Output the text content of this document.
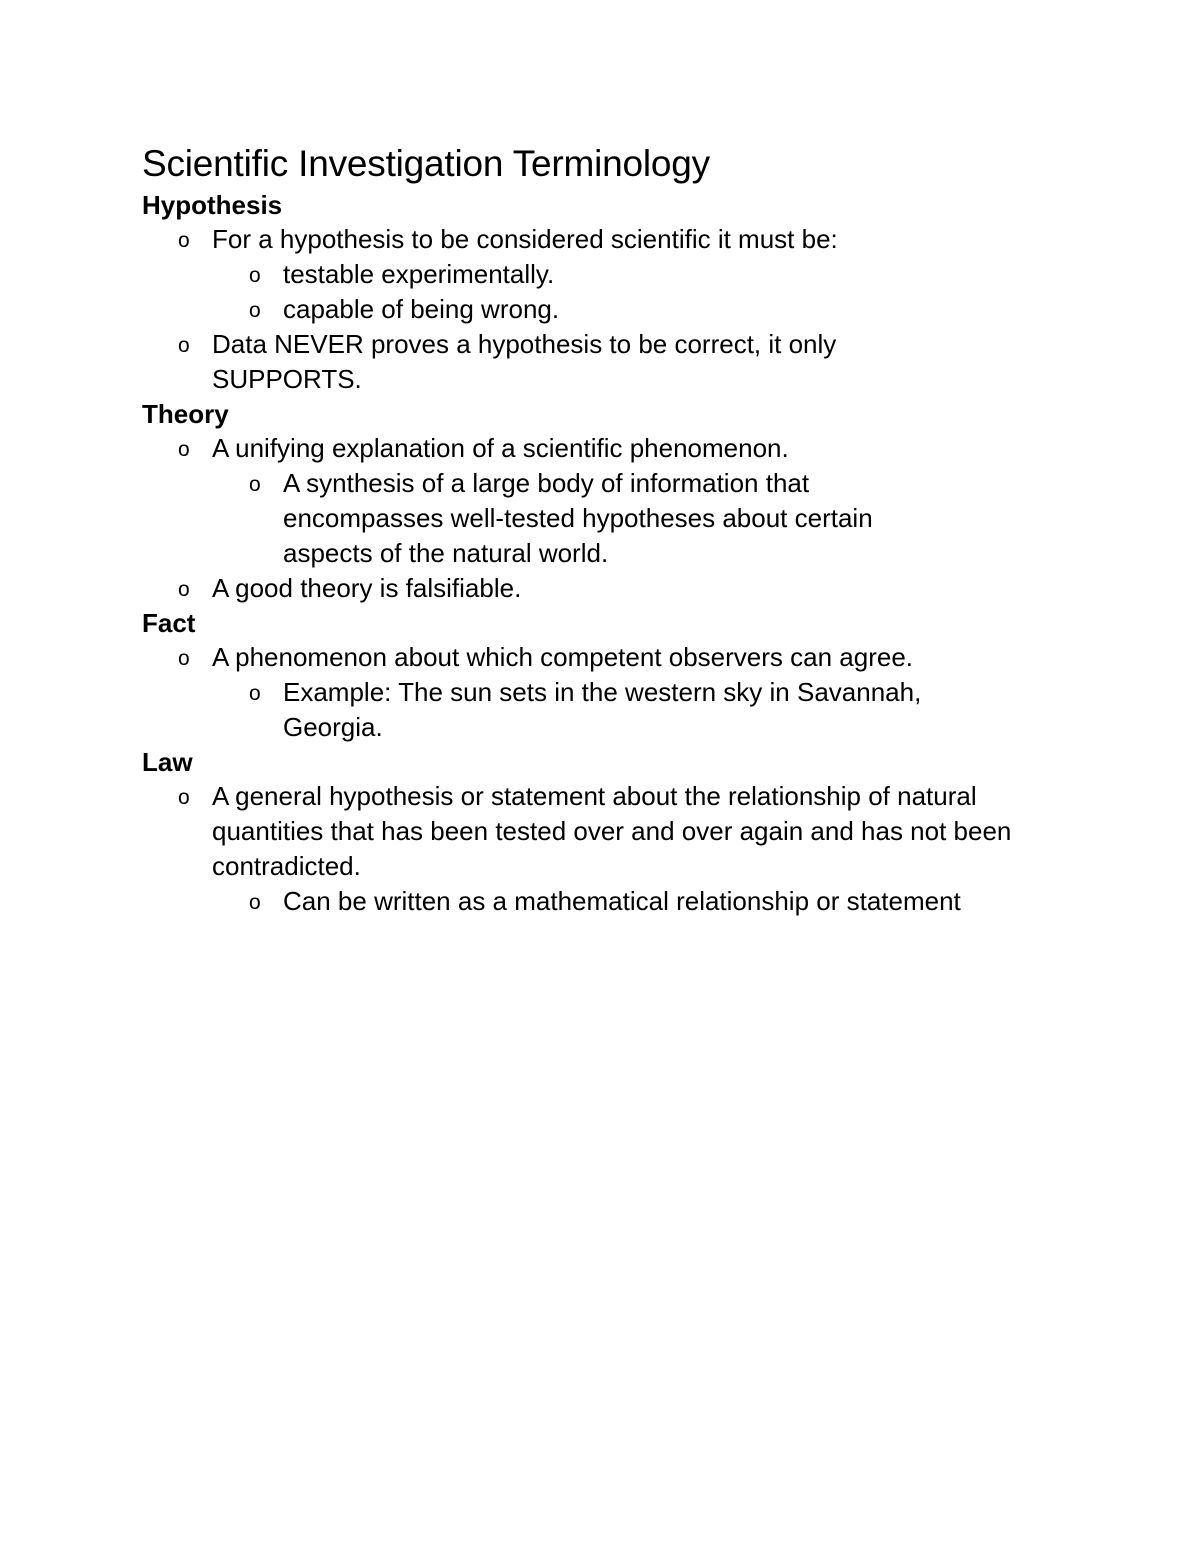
Scientific Investigation Terminology
Hypothesis
o For a hypothesis to be considered scientific it must be:
o testable experimentally.
o capable of being wrong.
o Data NEVER proves a hypothesis to be correct, it only SUPPORTS.
Theory
o A unifying explanation of a scientific phenomenon.
o A synthesis of a large body of information that encompasses well-tested hypotheses about certain aspects of the natural world.
o A good theory is falsifiable.
Fact
o A phenomenon about which competent observers can agree.
o Example: The sun sets in the western sky in Savannah, Georgia.
Law
o A general hypothesis or statement about the relationship of natural quantities that has been tested over and over again and has not been contradicted.
o Can be written as a mathematical relationship or statement
